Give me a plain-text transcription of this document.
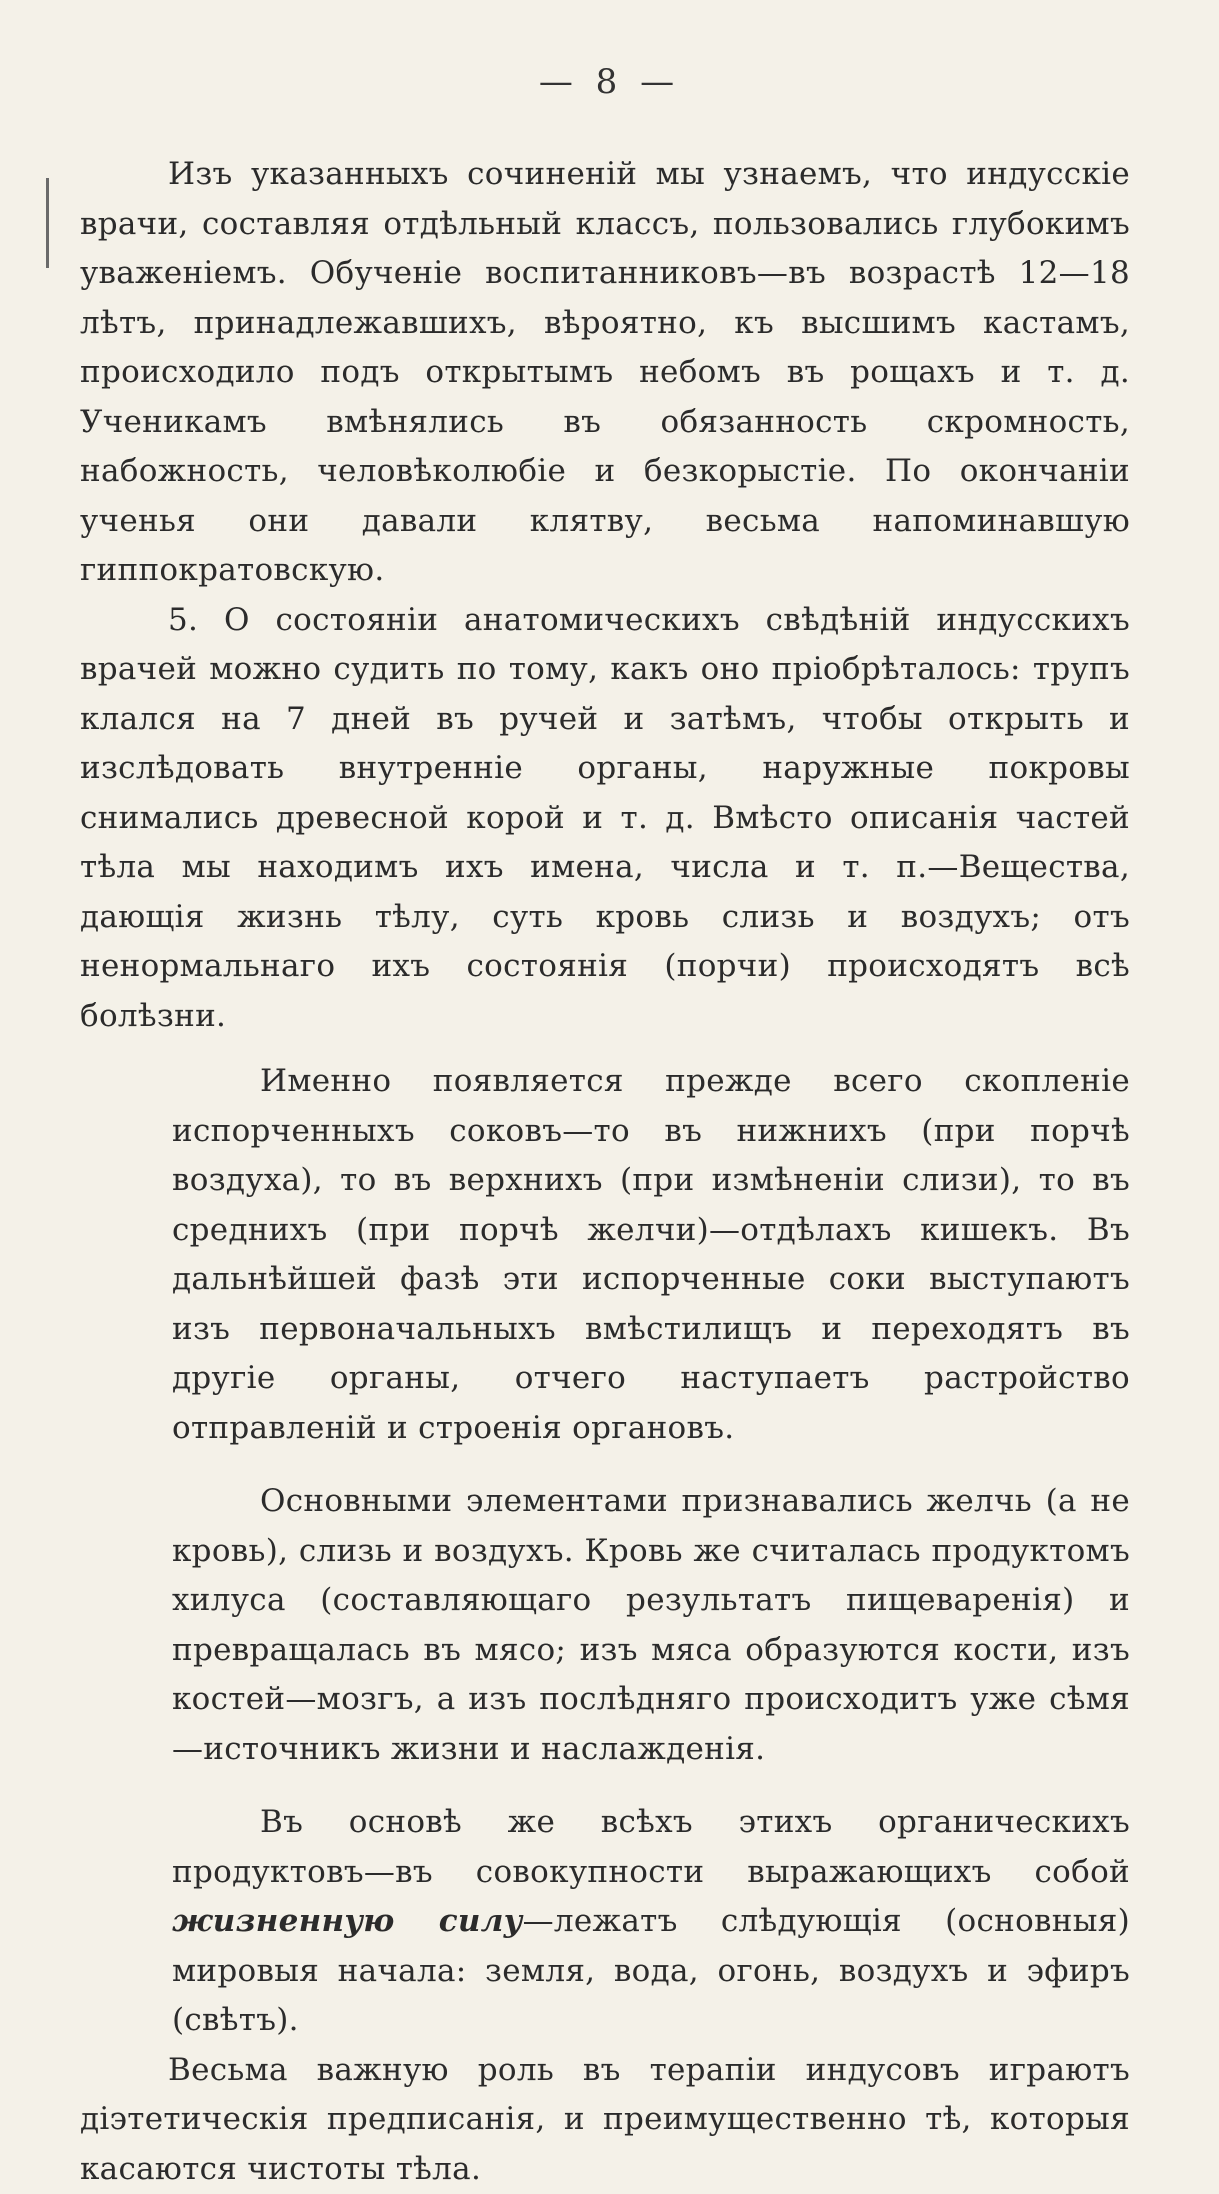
— 8 —

Изъ указанныхъ сочиненій мы узнаемъ, что индусскіе врачи, составляя отдѣльный классъ, пользовались глубокимъ уваженіемъ. Обученіе воспитанниковъ—въ возрастѣ 12—18 лѣтъ, принадлежавшихъ, вѣроятно, къ высшимъ кастамъ, происходило подъ открытымъ небомъ въ рощахъ и т. д. Ученикамъ вмѣнялись въ обязанность скромность, набожность, человѣколюбіе и безкорыстіе. По окончаніи ученья они давали клятву, весьма напоминавшую гиппократовскую.

5. О состояніи анатомическихъ свѣдѣній индусскихъ врачей можно судить по тому, какъ оно пріобрѣталось: трупъ клался на 7 дней въ ручей и затѣмъ, чтобы открыть и изслѣдовать внутренніе органы, наружные покровы снимались древесной корой и т. д. Вмѣсто описанія частей тѣла мы находимъ ихъ имена, числа и т. п.—Вещества, дающія жизнь тѣлу, суть кровь слизь и воздухъ; отъ ненормальнаго ихъ состоянія (порчи) происходятъ всѣ болѣзни.

Именно появляется прежде всего скопленіе испорченныхъ соковъ—то въ нижнихъ (при порчѣ воздуха), то въ верхнихъ (при измѣненіи слизи), то въ среднихъ (при порчѣ желчи)—отдѣлахъ кишекъ. Въ дальнѣйшей фазѣ эти испорченные соки выступаютъ изъ первоначальныхъ вмѣстилищъ и переходятъ въ другіе органы, отчего наступаетъ растройство отправленій и строенія органовъ.

Основными элементами признавались желчь (а не кровь), слизь и воздухъ. Кровь же считалась продуктомъ хилуса (составляющаго результатъ пищеваренія) и превращалась въ мясо; изъ мяса образуются кости, изъ костей—мозгъ, а изъ послѣдняго происходитъ уже сѣмя —источникъ жизни и наслажденія.

Въ основѣ же всѣхъ этихъ органическихъ продуктовъ—въ совокупности выражающихъ собой жизненную силу—лежатъ слѣдующія (основныя) мировыя начала: земля, вода, огонь, воздухъ и эфиръ (свѣтъ).

Весьма важную роль въ терапіи индусовъ играютъ діэтетическія предписанія, и преимущественно тѣ, которыя касаются чистоты тѣла.
